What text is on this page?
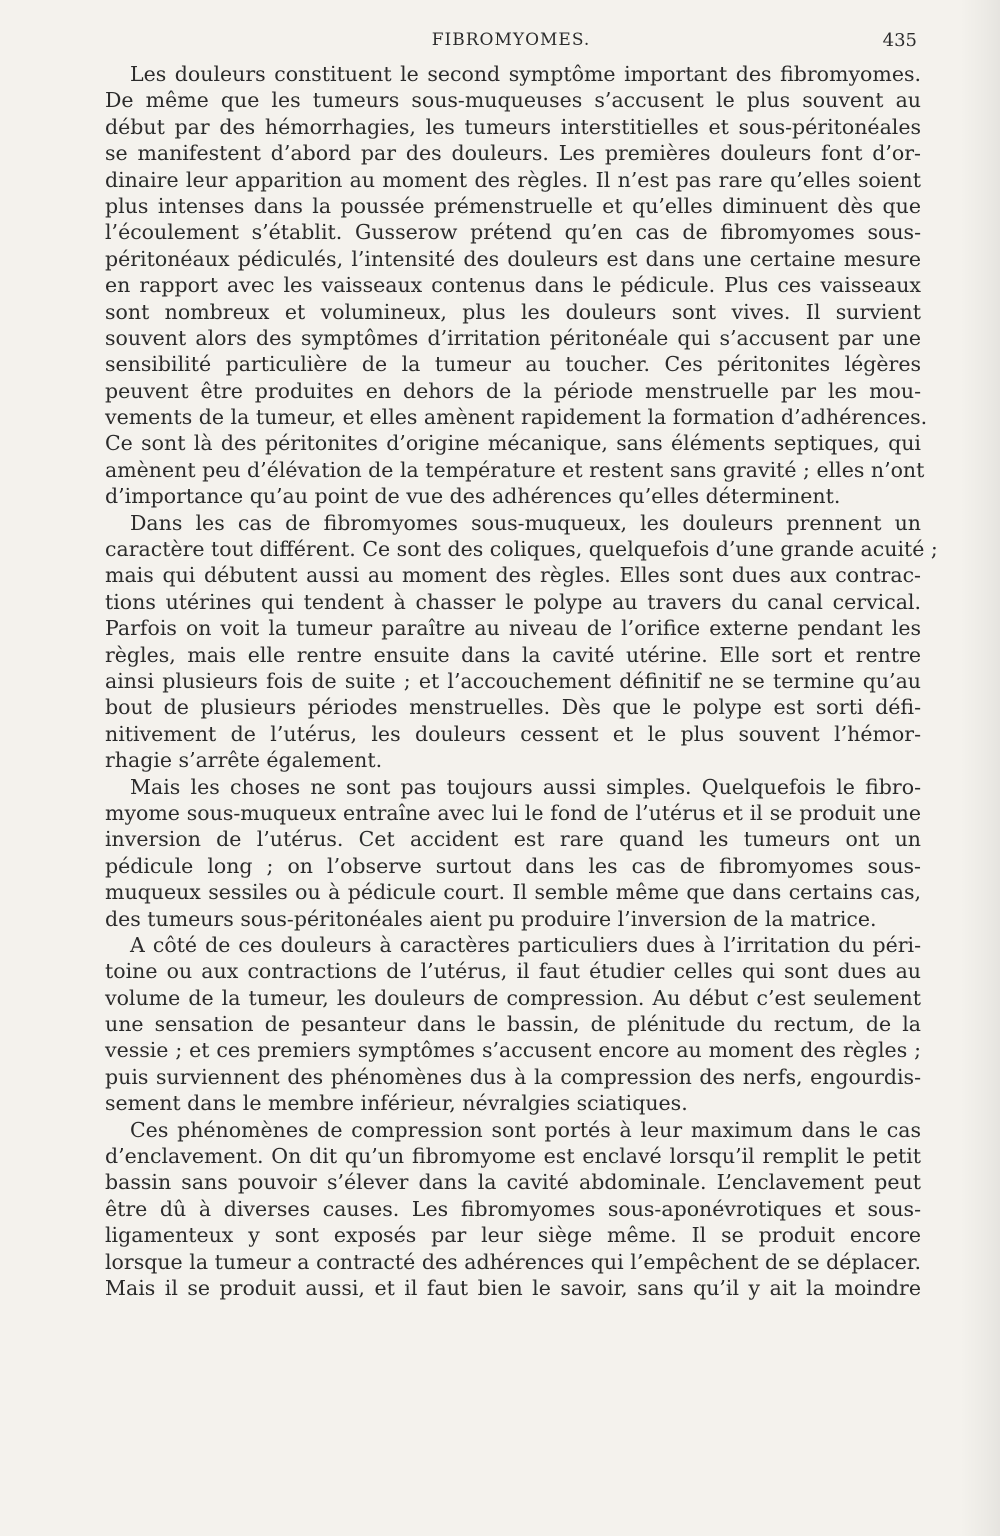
FIBROMYOMES.	435
Les douleurs constituent le second symptôme important des fibromyomes.
De même que les tumeurs sous-muqueuses s’accusent le plus souvent au
début par des hémorrhagies, les tumeurs interstitielles et sous-péritonéales
se manifestent d’abord par des douleurs. Les premières douleurs font d’or-
dinaire leur apparition au moment des règles. Il n’est pas rare qu’elles soient
plus intenses dans la poussée prémenstruelle et qu’elles diminuent dès que
l’écoulement s’établit. Gusserow prétend qu’en cas de fibromyomes sous-
péritonéaux pédiculés, l’intensité des douleurs est dans une certaine mesure
en rapport avec les vaisseaux contenus dans le pédicule. Plus ces vaisseaux
sont nombreux et volumineux, plus les douleurs sont vives. Il survient
souvent alors des symptômes d’irritation péritonéale qui s’accusent par une
sensibilité particulière de la tumeur au toucher. Ces péritonites légères
peuvent être produites en dehors de la période menstruelle par les mou-
vements de la tumeur, et elles amènent rapidement la formation d’adhérences.
Ce sont là des péritonites d’origine mécanique, sans éléments septiques, qui
amènent peu d’élévation de la température et restent sans gravité ; elles n’ont
d’importance qu’au point de vue des adhérences qu’elles déterminent.
Dans les cas de fibromyomes sous-muqueux, les douleurs prennent un
caractère tout différent. Ce sont des coliques, quelquefois d’une grande acuité ;
mais qui débutent aussi au moment des règles. Elles sont dues aux contrac-
tions utérines qui tendent à chasser le polype au travers du canal cervical.
Parfois on voit la tumeur paraître au niveau de l’orifice externe pendant les
règles, mais elle rentre ensuite dans la cavité utérine. Elle sort et rentre
ainsi plusieurs fois de suite ; et l’accouchement définitif ne se termine qu’au
bout de plusieurs périodes menstruelles. Dès que le polype est sorti défi-
nitivement de l’utérus, les douleurs cessent et le plus souvent l’hémor-
rhagie s’arrête également.
Mais les choses ne sont pas toujours aussi simples. Quelquefois le fibro-
myome sous-muqueux entraîne avec lui le fond de l’utérus et il se produit une
inversion de l’utérus. Cet accident est rare quand les tumeurs ont un
pédicule long ; on l’observe surtout dans les cas de fibromyomes sous-
muqueux sessiles ou à pédicule court. Il semble même que dans certains cas,
des tumeurs sous-péritonéales aient pu produire l’inversion de la matrice.
A côté de ces douleurs à caractères particuliers dues à l’irritation du péri-
toine ou aux contractions de l’utérus, il faut étudier celles qui sont dues au
volume de la tumeur, les douleurs de compression. Au début c’est seulement
une sensation de pesanteur dans le bassin, de plénitude du rectum, de la
vessie ; et ces premiers symptômes s’accusent encore au moment des règles ;
puis surviennent des phénomènes dus à la compression des nerfs, engourdis-
sement dans le membre inférieur, névralgies sciatiques.
Ces phénomènes de compression sont portés à leur maximum dans le cas
d’enclavement. On dit qu’un fibromyome est enclavé lorsqu’il remplit le petit
bassin sans pouvoir s’élever dans la cavité abdominale. L’enclavement peut
être dû à diverses causes. Les fibromyomes sous-aponévrotiques et sous-
ligamenteux y sont exposés par leur siège même. Il se produit encore
lorsque la tumeur a contracté des adhérences qui l’empêchent de se déplacer.
Mais il se produit aussi, et il faut bien le savoir, sans qu’il y ait la moindre
